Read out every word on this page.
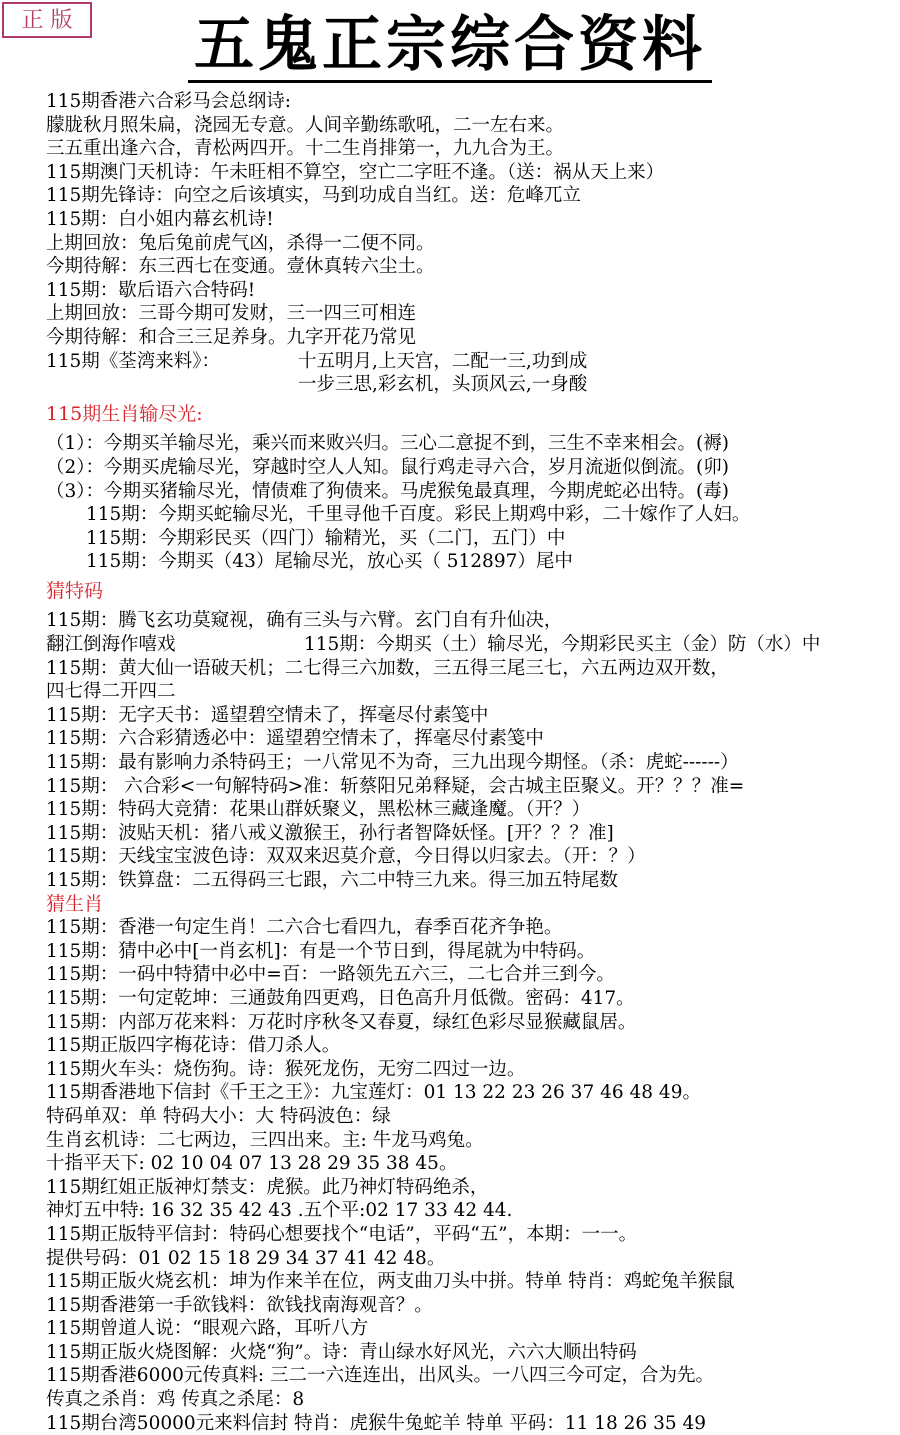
正 版	五鬼正宗综合资料
115期香港六合彩马会总纲诗:
朦胧秋月照朱扁，浇园无专意。人间辛勤练歌吼，二一左右来。
三五重出逢六合，青松两四开。十二生肖排第一，九九合为王。
115期澳门天机诗：午未旺相不算空，空亡二字旺不逢。（送：祸从天上来）
115期先锋诗：向空之后该填实，马到功成自当红。送：危峰兀立
115期：白小姐内幕玄机诗!
上期回放：兔后兔前虎气凶，杀得一二便不同。
今期待解：东三西七在变通。壹休真转六尘土。
115期：歇后语六合特码!
上期回放：三哥今期可发财，三一四三可相连
今期待解：和合三三足养身。九字开花乃常见
115期《荃湾来料》：	十五明月,上天宫，二配一三,功到成
一步三思,彩玄机，头顶风云,一身酸
115期生肖输尽光:
（1）：今期买羊输尽光，乘兴而来败兴归。三心二意捉不到，三生不幸来相会。(褥)
（2）：今期买虎输尽光，穿越时空人人知。鼠行鸡走寻六合，岁月流逝似倒流。(卯)
（3）：今期买猪输尽光，情债难了狗债来。马虎猴兔最真理，今期虎蛇必出特。(毒)
115期：今期买蛇输尽光，千里寻他千百度。彩民上期鸡中彩，二十嫁作了人妇。
115期：今期彩民买（四门）输精光，买（二门，五门）中
115期：今期买（43）尾输尽光，放心买（ 512897）尾中
猜特码
115期：腾飞玄功莫窥视，确有三头与六臂。玄门自有升仙决，
翻江倒海作嘻戏	115期：今期买（土）输尽光，今期彩民买主（金）防（水）中
115期：黄大仙一语破天机；二七得三六加数，三五得三尾三七，六五两边双开数，
四七得二开四二
115期：无字天书：遥望碧空情未了，挥毫尽付素笺中
115期：六合彩猜透必中：遥望碧空情未了，挥毫尽付素笺中
115期：最有影响力杀特码王；一八常见不为奇，三九出现今期怪。（杀：虎蛇------）
115期： 六合彩<一句解特码>准：斩蔡阳兄弟释疑，会古城主臣聚义。开？？？准=
115期：特码大竞猜：花果山群妖聚义，黑松林三藏逢魔。（开？）
115期：波贴天机：猪八戒义激猴王，孙行者智降妖怪。[开？？？准]
115期：天线宝宝波色诗：双双来迟莫介意，今日得以归家去。（开：？）
115期：铁算盘：二五得码三七跟，六二中特三九来。得三加五特尾数
猜生肖
115期：香港一句定生肖！二六合七看四九，春季百花齐争艳。
115期：猜中必中[一肖玄机]：有是一个节日到，得尾就为中特码。
115期：一码中特猜中必中=百：一路领先五六三，二七合并三到今。
115期：一句定乾坤：三通鼓角四更鸡，日色高升月低微。密码：417。
115期：内部万花来料：万花时序秋冬又春夏，绿红色彩尽显猴藏鼠居。
115期正版四字梅花诗：借刀杀人。
115期火车头：烧伤狗。诗：猴死龙伤，无穷二四过一边。
115期香港地下信封《千王之王》：九宝莲灯：01 13 22 23 26 37 46 48 49。
特码单双：单 特码大小：大 特码波色：绿
生肖玄机诗：二七两边，三四出来。主: 牛龙马鸡兔。
十指平天下: 02 10 04 07 13 28 29 35 38 45。
115期红姐正版神灯禁支：虎猴。此乃神灯特码绝杀，
神灯五中特: 16 32 35 42 43 .五个平:02 17 33 42 44.
115期正版特平信封：特码心想要找个“电话”，平码“五”，本期：一一。
提供号码：01 02 15 18 29 34 37 41 42 48。
115期正版火烧玄机：坤为作来羊在位，两支曲刀头中拼。特单 特肖：鸡蛇兔羊猴鼠
115期香港第一手欲钱料：欲钱找南海观音？。
115期曾道人说：“眼观六路，耳听八方
115期正版火烧图解：火烧“狗”。诗：青山绿水好风光，六六大顺出特码
115期香港6000元传真料: 三二一六连连出，出风头。一八四三今可定，合为先。
传真之杀肖：鸡 传真之杀尾：8
115期台湾50000元来料信封 特肖：虎猴牛兔蛇羊 特单 平码：11 18 26 35 49
